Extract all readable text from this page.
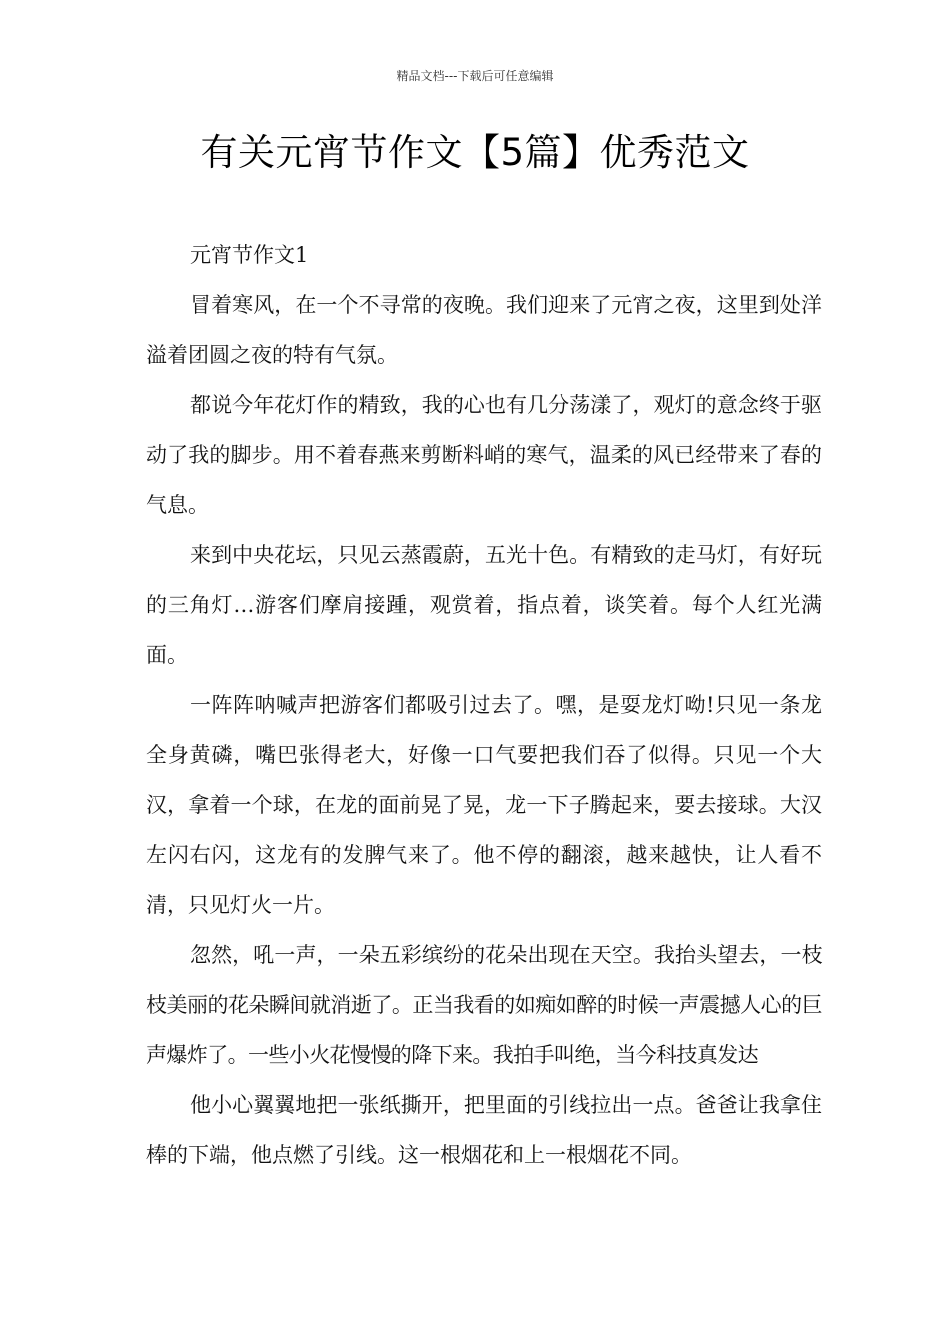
精品文档---下载后可任意编辑
有关元宵节作文【5篇】优秀范文

元宵节作文1

冒着寒风，在一个不寻常的夜晚。我们迎来了元宵之夜，这里到处洋溢着团圆之夜的特有气氛。

都说今年花灯作的精致，我的心也有几分荡漾了，观灯的意念终于驱动了我的脚步。用不着春燕来剪断料峭的寒气，温柔的风已经带来了春的气息。

来到中央花坛，只见云蒸霞蔚，五光十色。有精致的走马灯，有好玩的三角灯…游客们摩肩接踵，观赏着，指点着，谈笑着。每个人红光满面。

一阵阵呐喊声把游客们都吸引过去了。嘿，是耍龙灯呦!只见一条龙全身黄磷，嘴巴张得老大，好像一口气要把我们吞了似得。只见一个大汉，拿着一个球，在龙的面前晃了晃，龙一下子腾起来，要去接球。大汉左闪右闪，这龙有的发脾气来了。他不停的翻滚，越来越快，让人看不清，只见灯火一片。

忽然，吼一声，一朵五彩缤纷的花朵出现在天空。我抬头望去，一枝枝美丽的花朵瞬间就消逝了。正当我看的如痴如醉的时候一声震撼人心的巨声爆炸了。一些小火花慢慢的降下来。我拍手叫绝，当今科技真发达

他小心翼翼地把一张纸撕开，把里面的引线拉出一点。爸爸让我拿住棒的下端，他点燃了引线。这一根烟花和上一根烟花不同。
